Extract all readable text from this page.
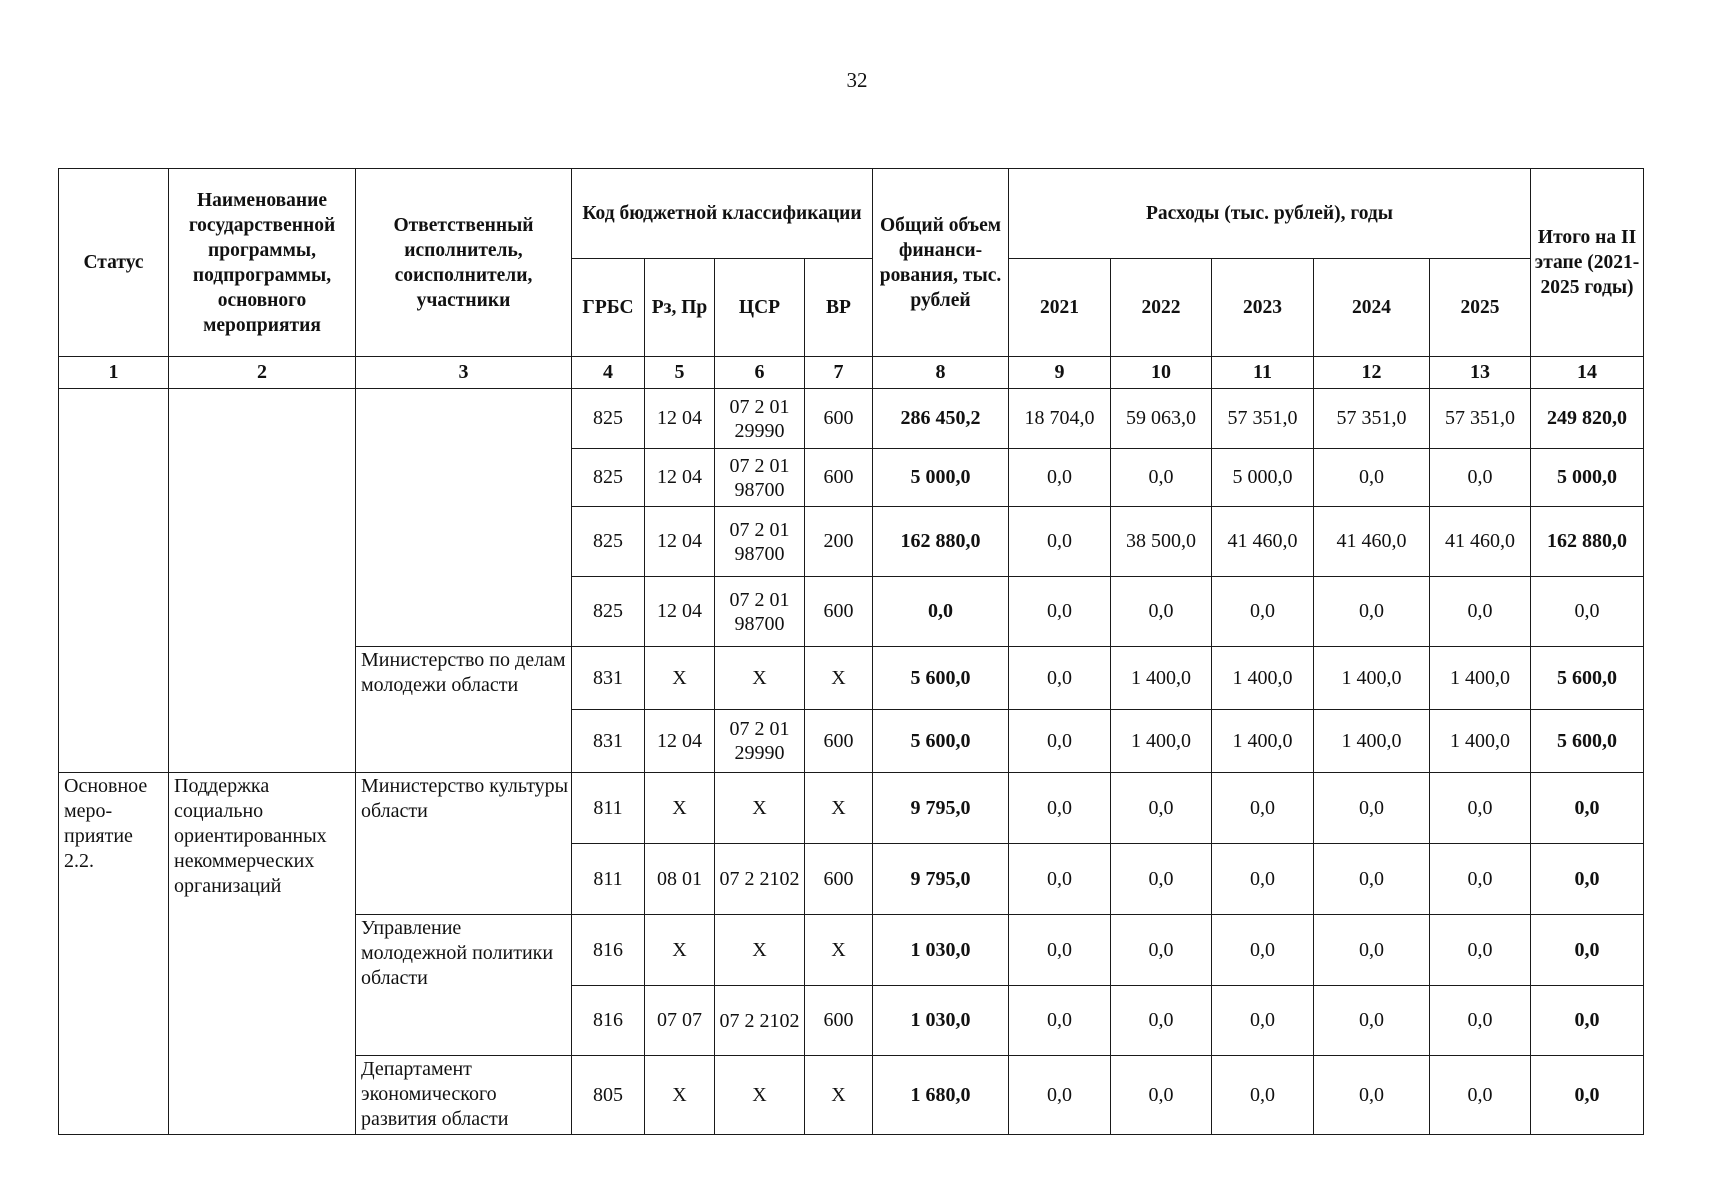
32
Статус	Наименование государственной программы, подпрограммы, основного мероприятия	Ответственный исполнитель, соисполнители, участники	Код бюджетной классификации				Общий объем финанси-рования, тыс. рублей	Расходы (тыс. рублей), годы					Итого на II этапе (2021-2025 годы)
			ГРБС	Рз, Пр	ЦСР	ВР		2021	2022	2023	2024	2025	
1	2	3	4	5	6	7	8	9	10	11	12	13	14
			825	12 04	07 2 01 29990	600	286 450,2	18 704,0	59 063,0	57 351,0	57 351,0	57 351,0	249 820,0
			825	12 04	07 2 01 98700	600	5 000,0	0,0	0,0	5 000,0	0,0	0,0	5 000,0
			825	12 04	07 2 01 98700	200	162 880,0	0,0	38 500,0	41 460,0	41 460,0	41 460,0	162 880,0
			825	12 04	07 2 01 98700	600	0,0	0,0	0,0	0,0	0,0	0,0	0,0
		Министерство по делам молодежи области	831	Х	Х	Х	5 600,0	0,0	1 400,0	1 400,0	1 400,0	1 400,0	5 600,0
			831	12 04	07 2 01 29990	600	5 600,0	0,0	1 400,0	1 400,0	1 400,0	1 400,0	5 600,0
Основное меро-приятие 2.2.	Поддержка социально ориентированных некоммерческих организаций	Министерство культуры области	811	Х	Х	Х	9 795,0	0,0	0,0	0,0	0,0	0,0	0,0
			811	08 01	07 2 2102	600	9 795,0	0,0	0,0	0,0	0,0	0,0	0,0
		Управление молодежной политики области	816	Х	Х	Х	1 030,0	0,0	0,0	0,0	0,0	0,0	0,0
			816	07 07	07 2 2102	600	1 030,0	0,0	0,0	0,0	0,0	0,0	0,0
		Департамент экономического развития области	805	Х	Х	Х	1 680,0	0,0	0,0	0,0	0,0	0,0	0,0
